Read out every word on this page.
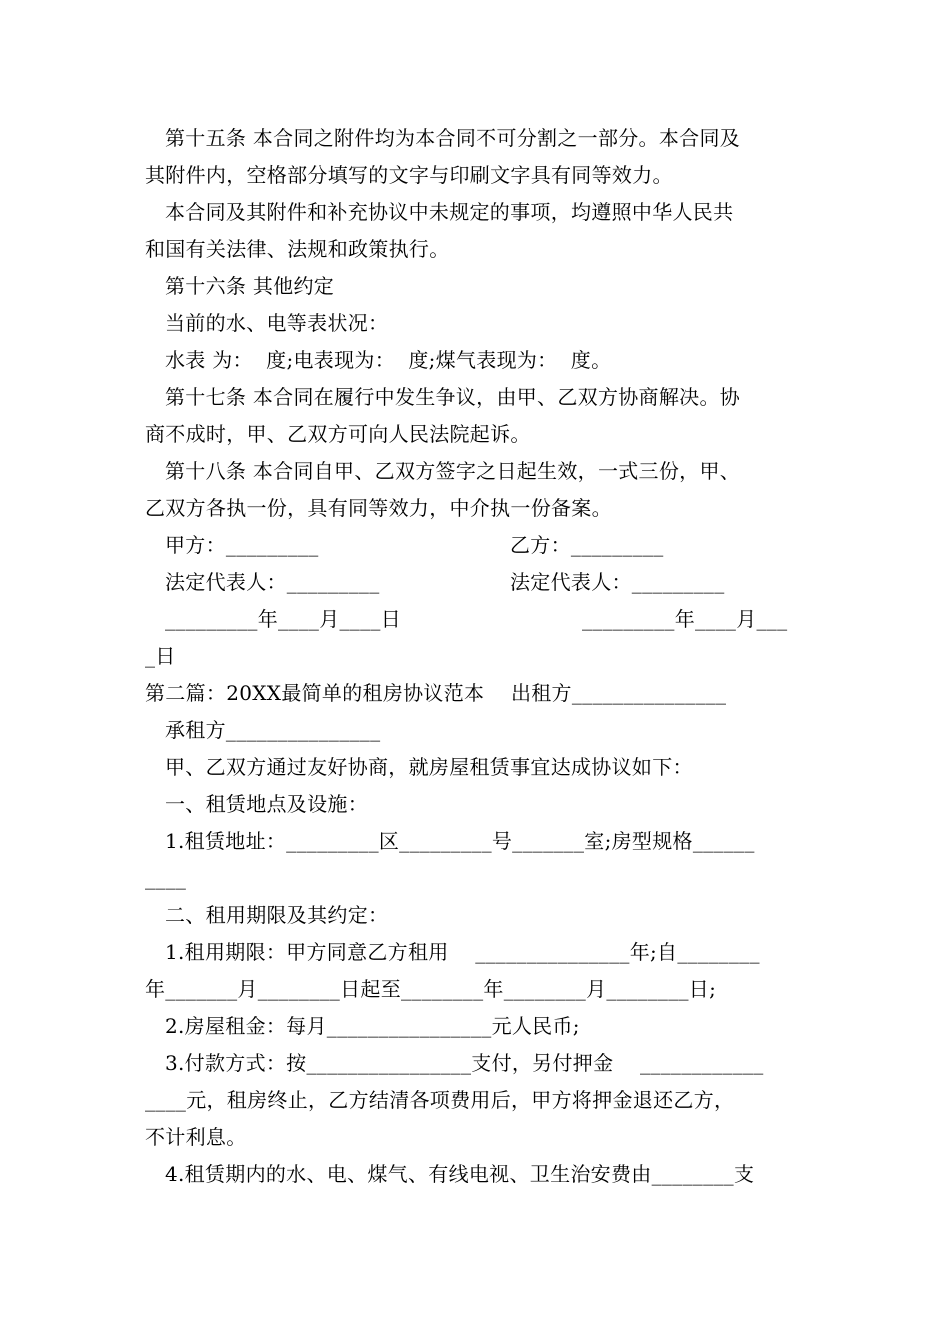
第十五条 本合同之附件均为本合同不可分割之一部分。本合同及
其附件内，空格部分填写的文字与印刷文字具有同等效力。
本合同及其附件和补充协议中未规定的事项，均遵照中华人民共
和国有关法律、法规和政策执行。
第十六条 其他约定
当前的水、电等表状况：
水表 为：  度;电表现为：  度;煤气表现为：  度。
第十七条 本合同在履行中发生争议，由甲、乙双方协商解决。协
商不成时，甲、乙双方可向人民法院起诉。
第十八条 本合同自甲、乙双方签字之日起生效，一式三份，甲、
乙双方各执一份，具有同等效力，中介执一份备案。
甲方：_________	乙方：_________
法定代表人：_________	法定代表人：_________
_________年____月____日	_________年____月___
_日
第二篇：20XX最简单的租房协议范本    出租方_______________
承租方_______________
甲、乙双方通过友好协商，就房屋租赁事宜达成协议如下：
一、租赁地点及设施：
1.租赁地址：_________区_________号_______室;房型规格______
____
二、租用期限及其约定：
1.租用期限：甲方同意乙方租用    _______________年;自________
年_______月________日起至________年________月________日;
2.房屋租金：每月________________元人民币;
3.付款方式：按________________支付，另付押金    ____________
____元，租房终止，乙方结清各项费用后，甲方将押金退还乙方，
不计利息。
4.租赁期内的水、电、煤气、有线电视、卫生治安费由________支
